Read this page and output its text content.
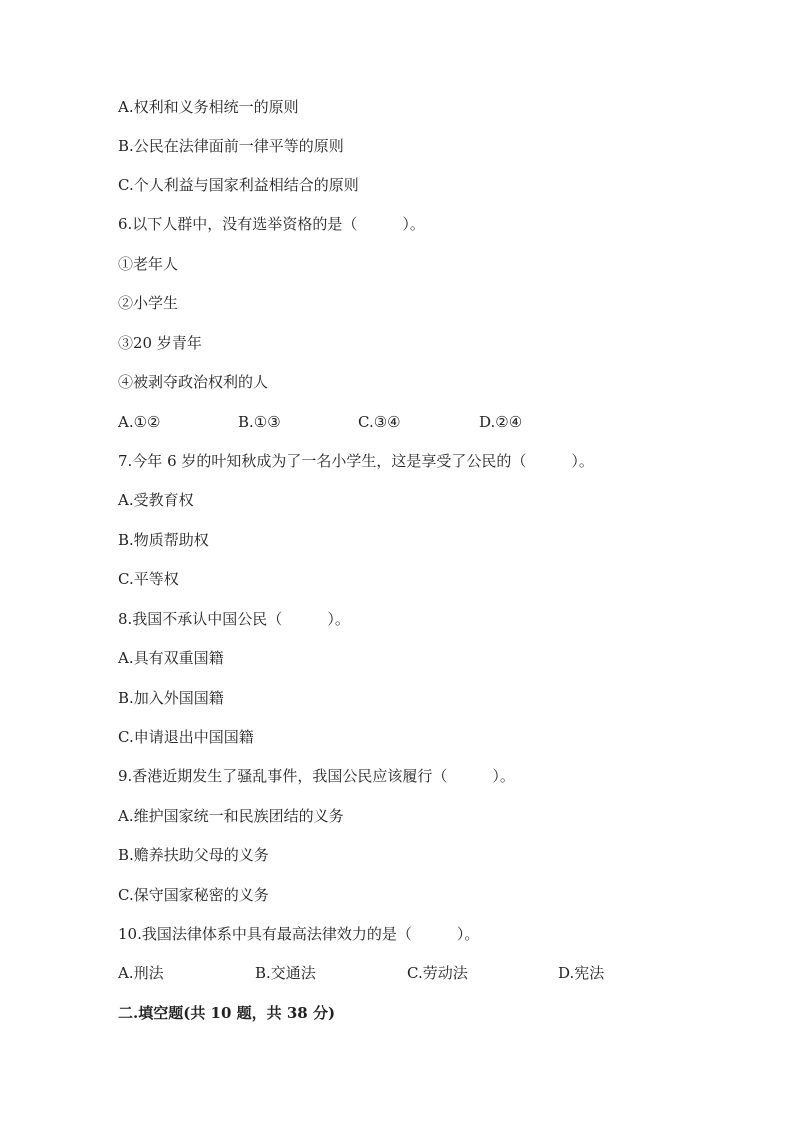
A.权利和义务相统一的原则
B.公民在法律面前一律平等的原则
C.个人利益与国家利益相结合的原则
6.以下人群中，没有选举资格的是（　　　）。
①老年人
②小学生
③20 岁青年
④被剥夺政治权利的人
A.①②	B.①③	C.③④	D.②④
7.今年 6 岁的叶知秋成为了一名小学生，这是享受了公民的（　　　）。
A.受教育权
B.物质帮助权
C.平等权
8.我国不承认中国公民（　　　）。
A.具有双重国籍
B.加入外国国籍
C.申请退出中国国籍
9.香港近期发生了骚乱事件，我国公民应该履行（　　　）。
A.维护国家统一和民族团结的义务
B.赡养扶助父母的义务
C.保守国家秘密的义务
10.我国法律体系中具有最高法律效力的是（　　　）。
A.刑法	B.交通法	C.劳动法	D.宪法
二.填空题(共 10 题，共 38 分)
